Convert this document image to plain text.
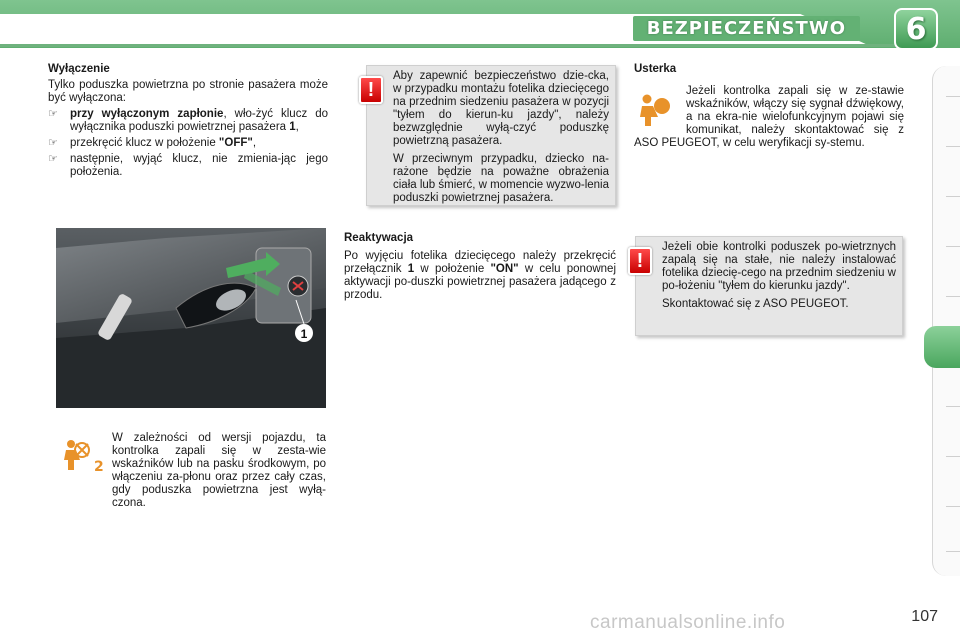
BEZPIECZEŃSTWO	6
Wyłączenie

Tylko poduszka powietrzna po stronie pasażera może być wyłączona:

☞	przy wyłączonym zapłonie, wło-żyć klucz do wyłącznika poduszki powietrznej pasażera 1,
☞	przekręcić klucz w położenie "OFF",
☞	następnie, wyjąć klucz, nie zmienia-jąc jego położenia.
1
2

W zależności od wersji pojazdu, ta kontrolka zapali się w zesta-wie wskaźników lub na pasku środkowym, po włączeniu za-płonu oraz przez cały czas, gdy poduszka powietrzna jest wyłą-czona.

!

Aby zapewnić bezpieczeństwo dzie-cka, w przypadku montażu fotelika dziecięcego na przednim siedzeniu pasażera w pozycji "tyłem do kierun-ku jazdy", należy bezwzględnie wyłą-czyć poduszkę powietrzną pasażera.

W przeciwnym przypadku, dziecko na-rażone będzie na poważne obrażenia ciała lub śmierć, w momencie wyzwo-lenia poduszki powietrznej pasażera.

Reaktywacja

Po wyjęciu fotelika dziecięcego należy przekręcić przełącznik 1 w położenie "ON" w celu ponownej aktywacji po-duszki powietrznej pasażera jadącego z przodu.

Usterka

Jeżeli kontrolka zapali się w ze-stawie wskaźników, włączy się sygnał dźwiękowy, a na ekra-nie wielofunkcyjnym pojawi się komunikat, należy skontaktować się z ASO PEUGEOT, w celu weryfikacji sy-stemu.

!

Jeżeli obie kontrolki poduszek po-wietrznych zapalą się na stałe, nie należy instalować fotelika dziecię-cego na przednim siedzeniu w po-łożeniu "tyłem do kierunku jazdy".

Skontaktować się z ASO PEUGEOT.

carmanualsonline.info	107
